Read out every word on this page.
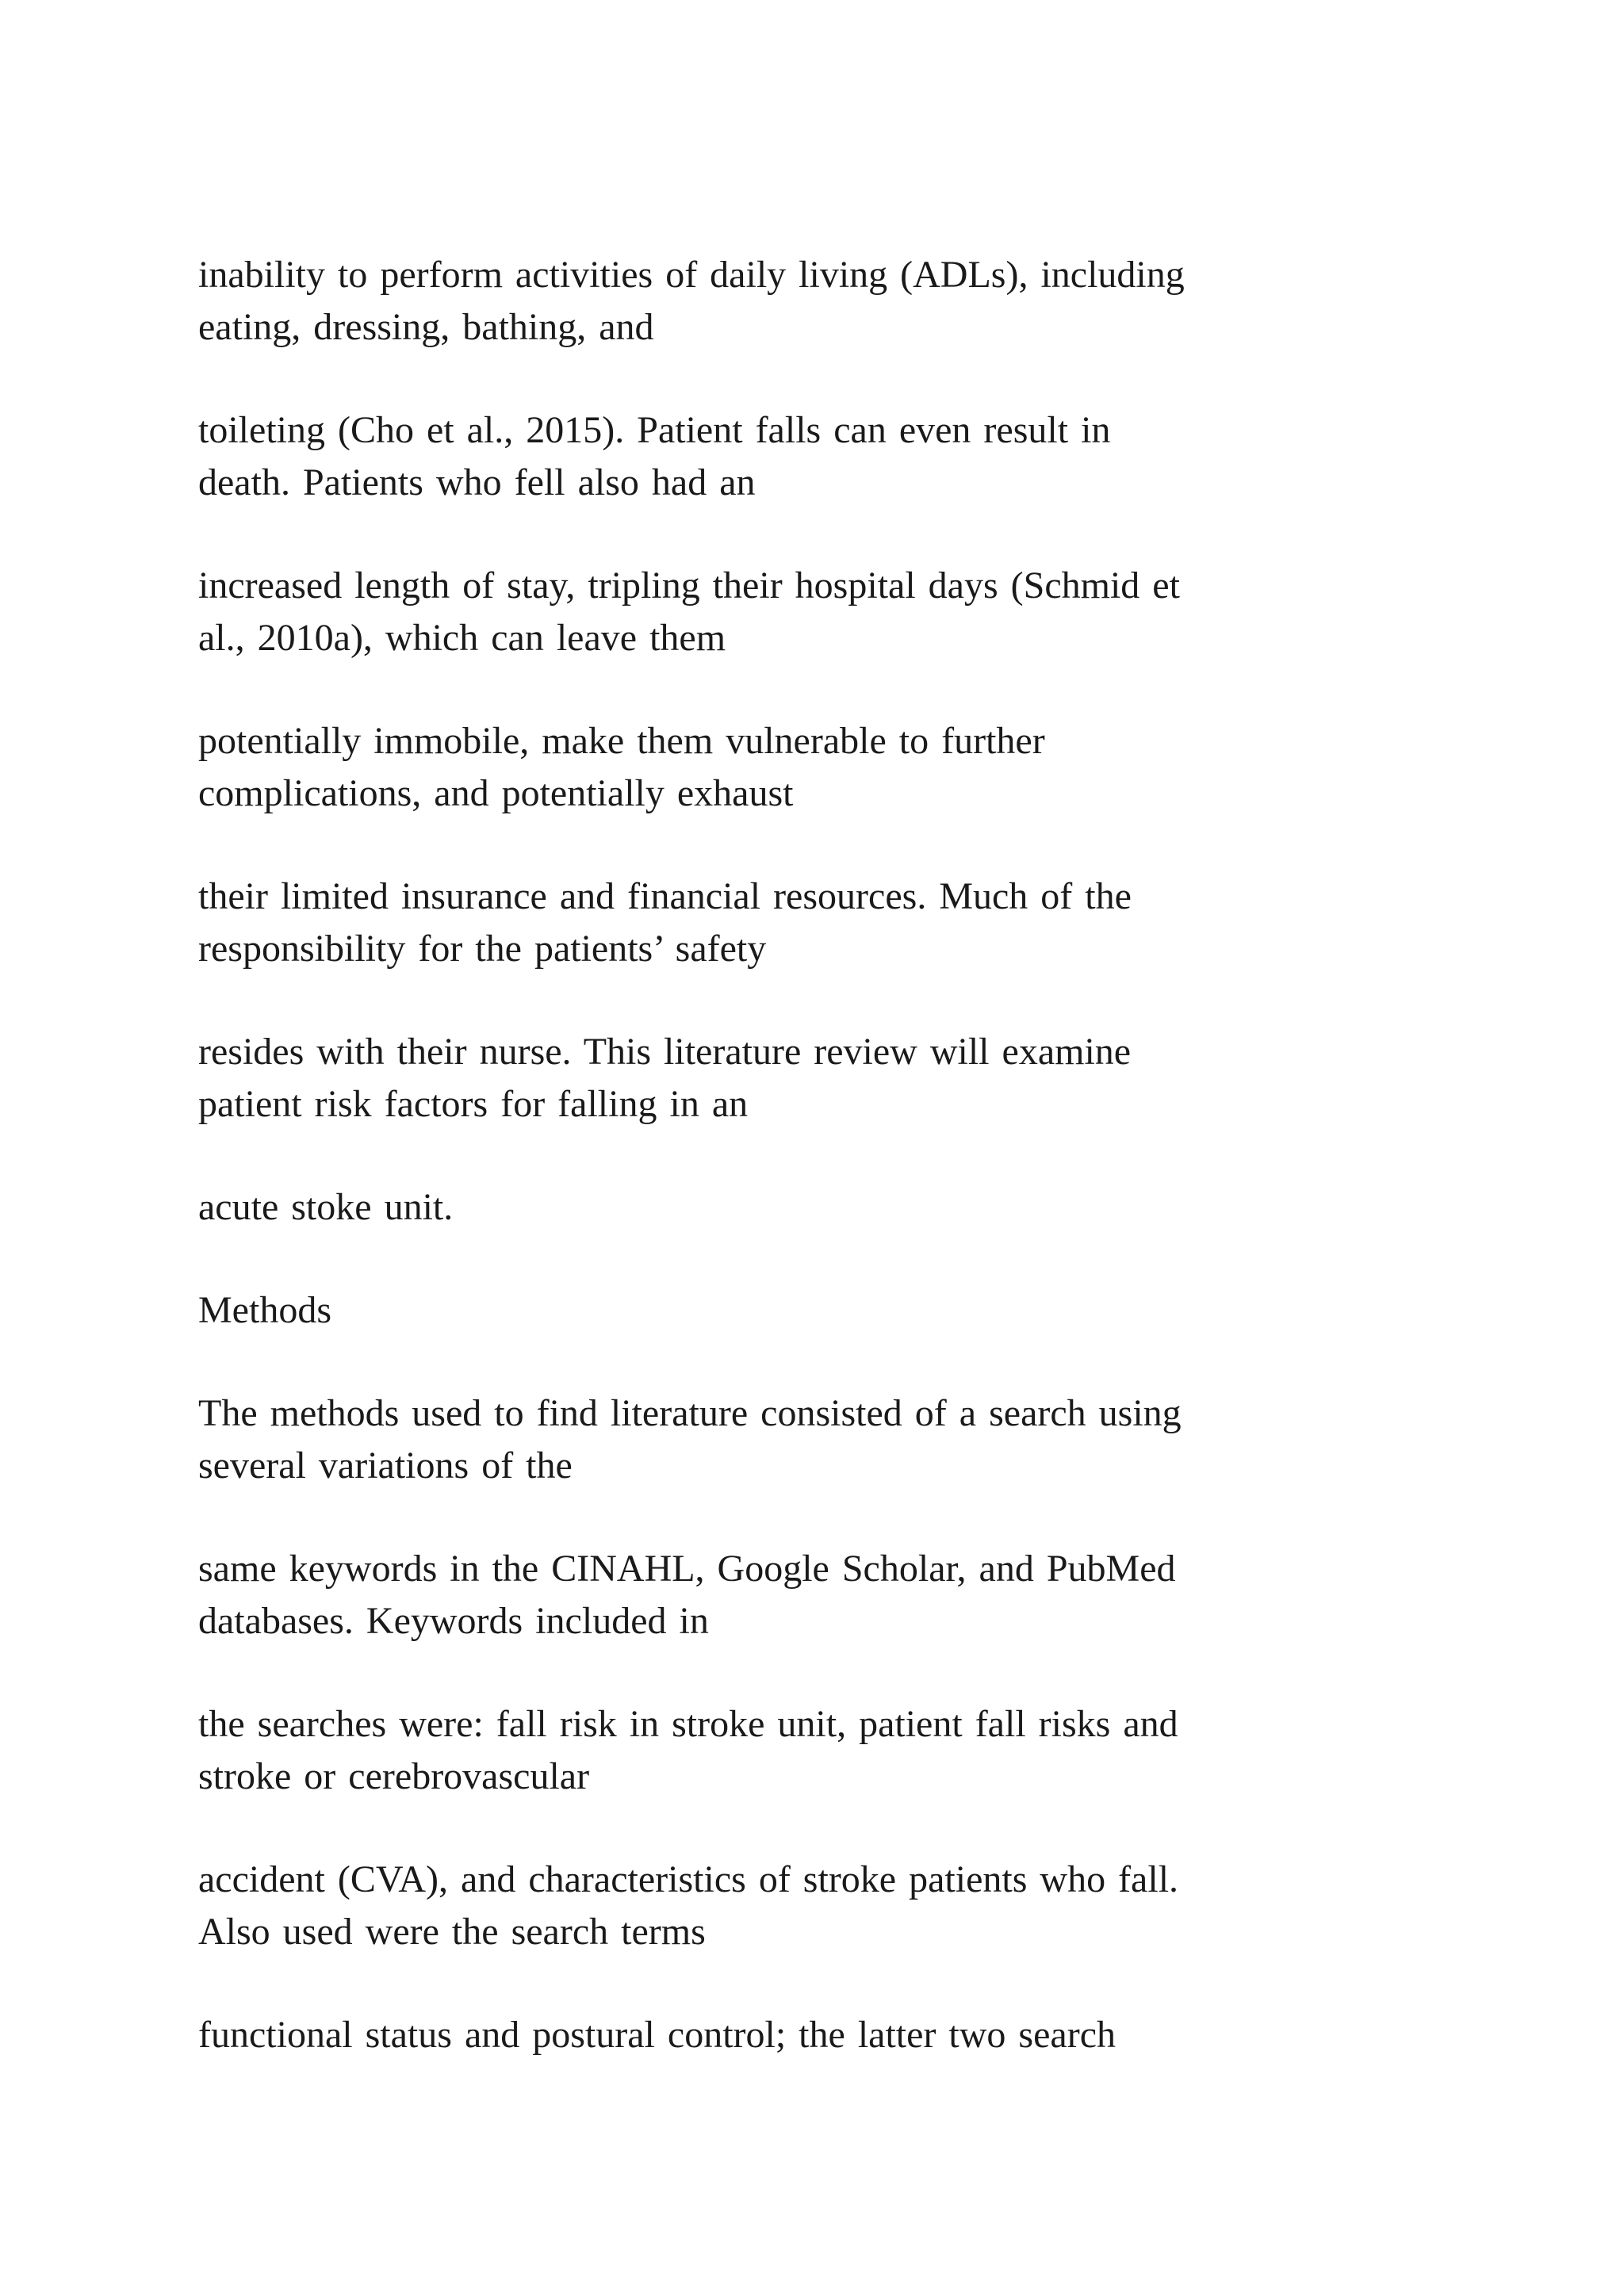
inability to perform activities of daily living (ADLs), including
eating, dressing, bathing, and

toileting (Cho et al., 2015). Patient falls can even result in
death. Patients who fell also had an

increased length of stay, tripling their hospital days (Schmid et
al., 2010a), which can leave them

potentially immobile, make them vulnerable to further
complications, and potentially exhaust

their limited insurance and financial resources. Much of the
responsibility for the patients’ safety

resides with their nurse. This literature review will examine
patient risk factors for falling in an

acute stoke unit.

Methods

The methods used to find literature consisted of a search using
several variations of the

same keywords in the CINAHL, Google Scholar, and PubMed
databases. Keywords included in

the searches were: fall risk in stroke unit, patient fall risks and
stroke or cerebrovascular

accident (CVA), and characteristics of stroke patients who fall.
Also used were the search terms

functional status and postural control; the latter two search
